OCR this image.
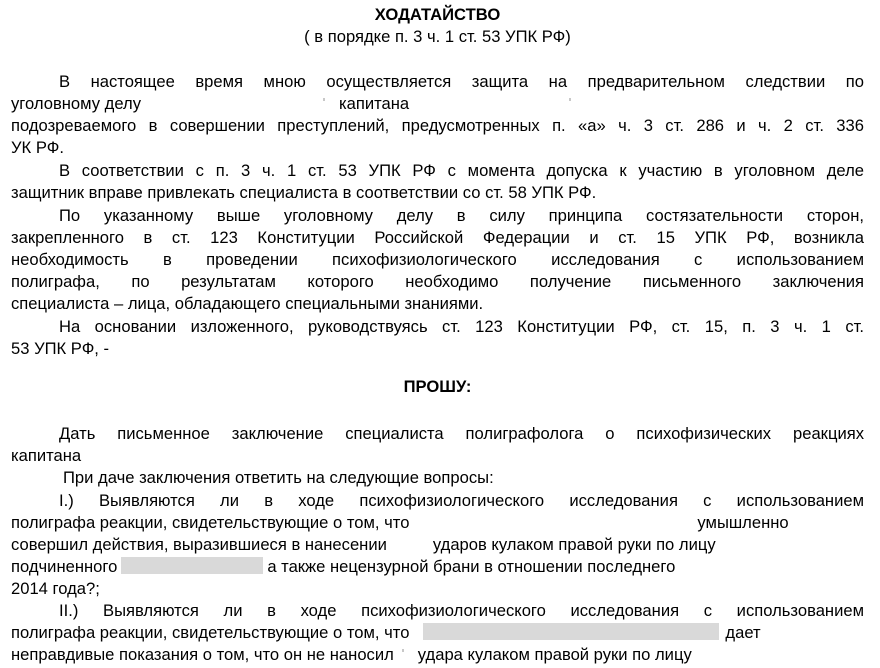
ХОДАТАЙСТВО
( в порядке п. 3 ч. 1 ст. 53 УПК РФ)
В настоящее время мною осуществляется защита на предварительном следствии по
уголовному делу	капитана
подозреваемого в совершении преступлений, предусмотренных п. «а» ч. 3 ст. 286 и ч. 2 ст. 336
УК РФ.
В соответствии с п. 3 ч. 1 ст. 53 УПК РФ с момента допуска к участию в уголовном деле
защитник вправе привлекать специалиста в соответствии со ст. 58 УПК РФ.
По указанному выше уголовному делу в силу принципа состязательности сторон,
закрепленного в ст. 123 Конституции Российской Федерации и ст. 15 УПК РФ, возникла
необходимость в проведении психофизиологического исследования с использованием
полиграфа, по результатам которого необходимо получение письменного заключения
специалиста – лица, обладающего специальными знаниями.
На основании изложенного, руководствуясь ст. 123 Конституции РФ, ст. 15, п. 3 ч. 1 ст.
53 УПК РФ, -
ПРОШУ:
Дать письменное заключение специалиста полиграфолога о психофизических реакциях
капитана
При даче заключения ответить на следующие вопросы:
I.) Выявляются ли в ходе психофизиологического исследования с использованием
полиграфа реакции, свидетельствующие о том, что	умышленно
совершил действия, выразившиеся в нанесении	ударов кулаком правой руки по лицу
подчиненного	а также нецензурной брани в отношении последнего
2014 года?;
II.) Выявляются ли в ходе психофизиологического исследования с использованием
полиграфа реакции, свидетельствующие о том, что	дает
неправдивые показания о том, что он не наносил удара кулаком правой руки по лицу
